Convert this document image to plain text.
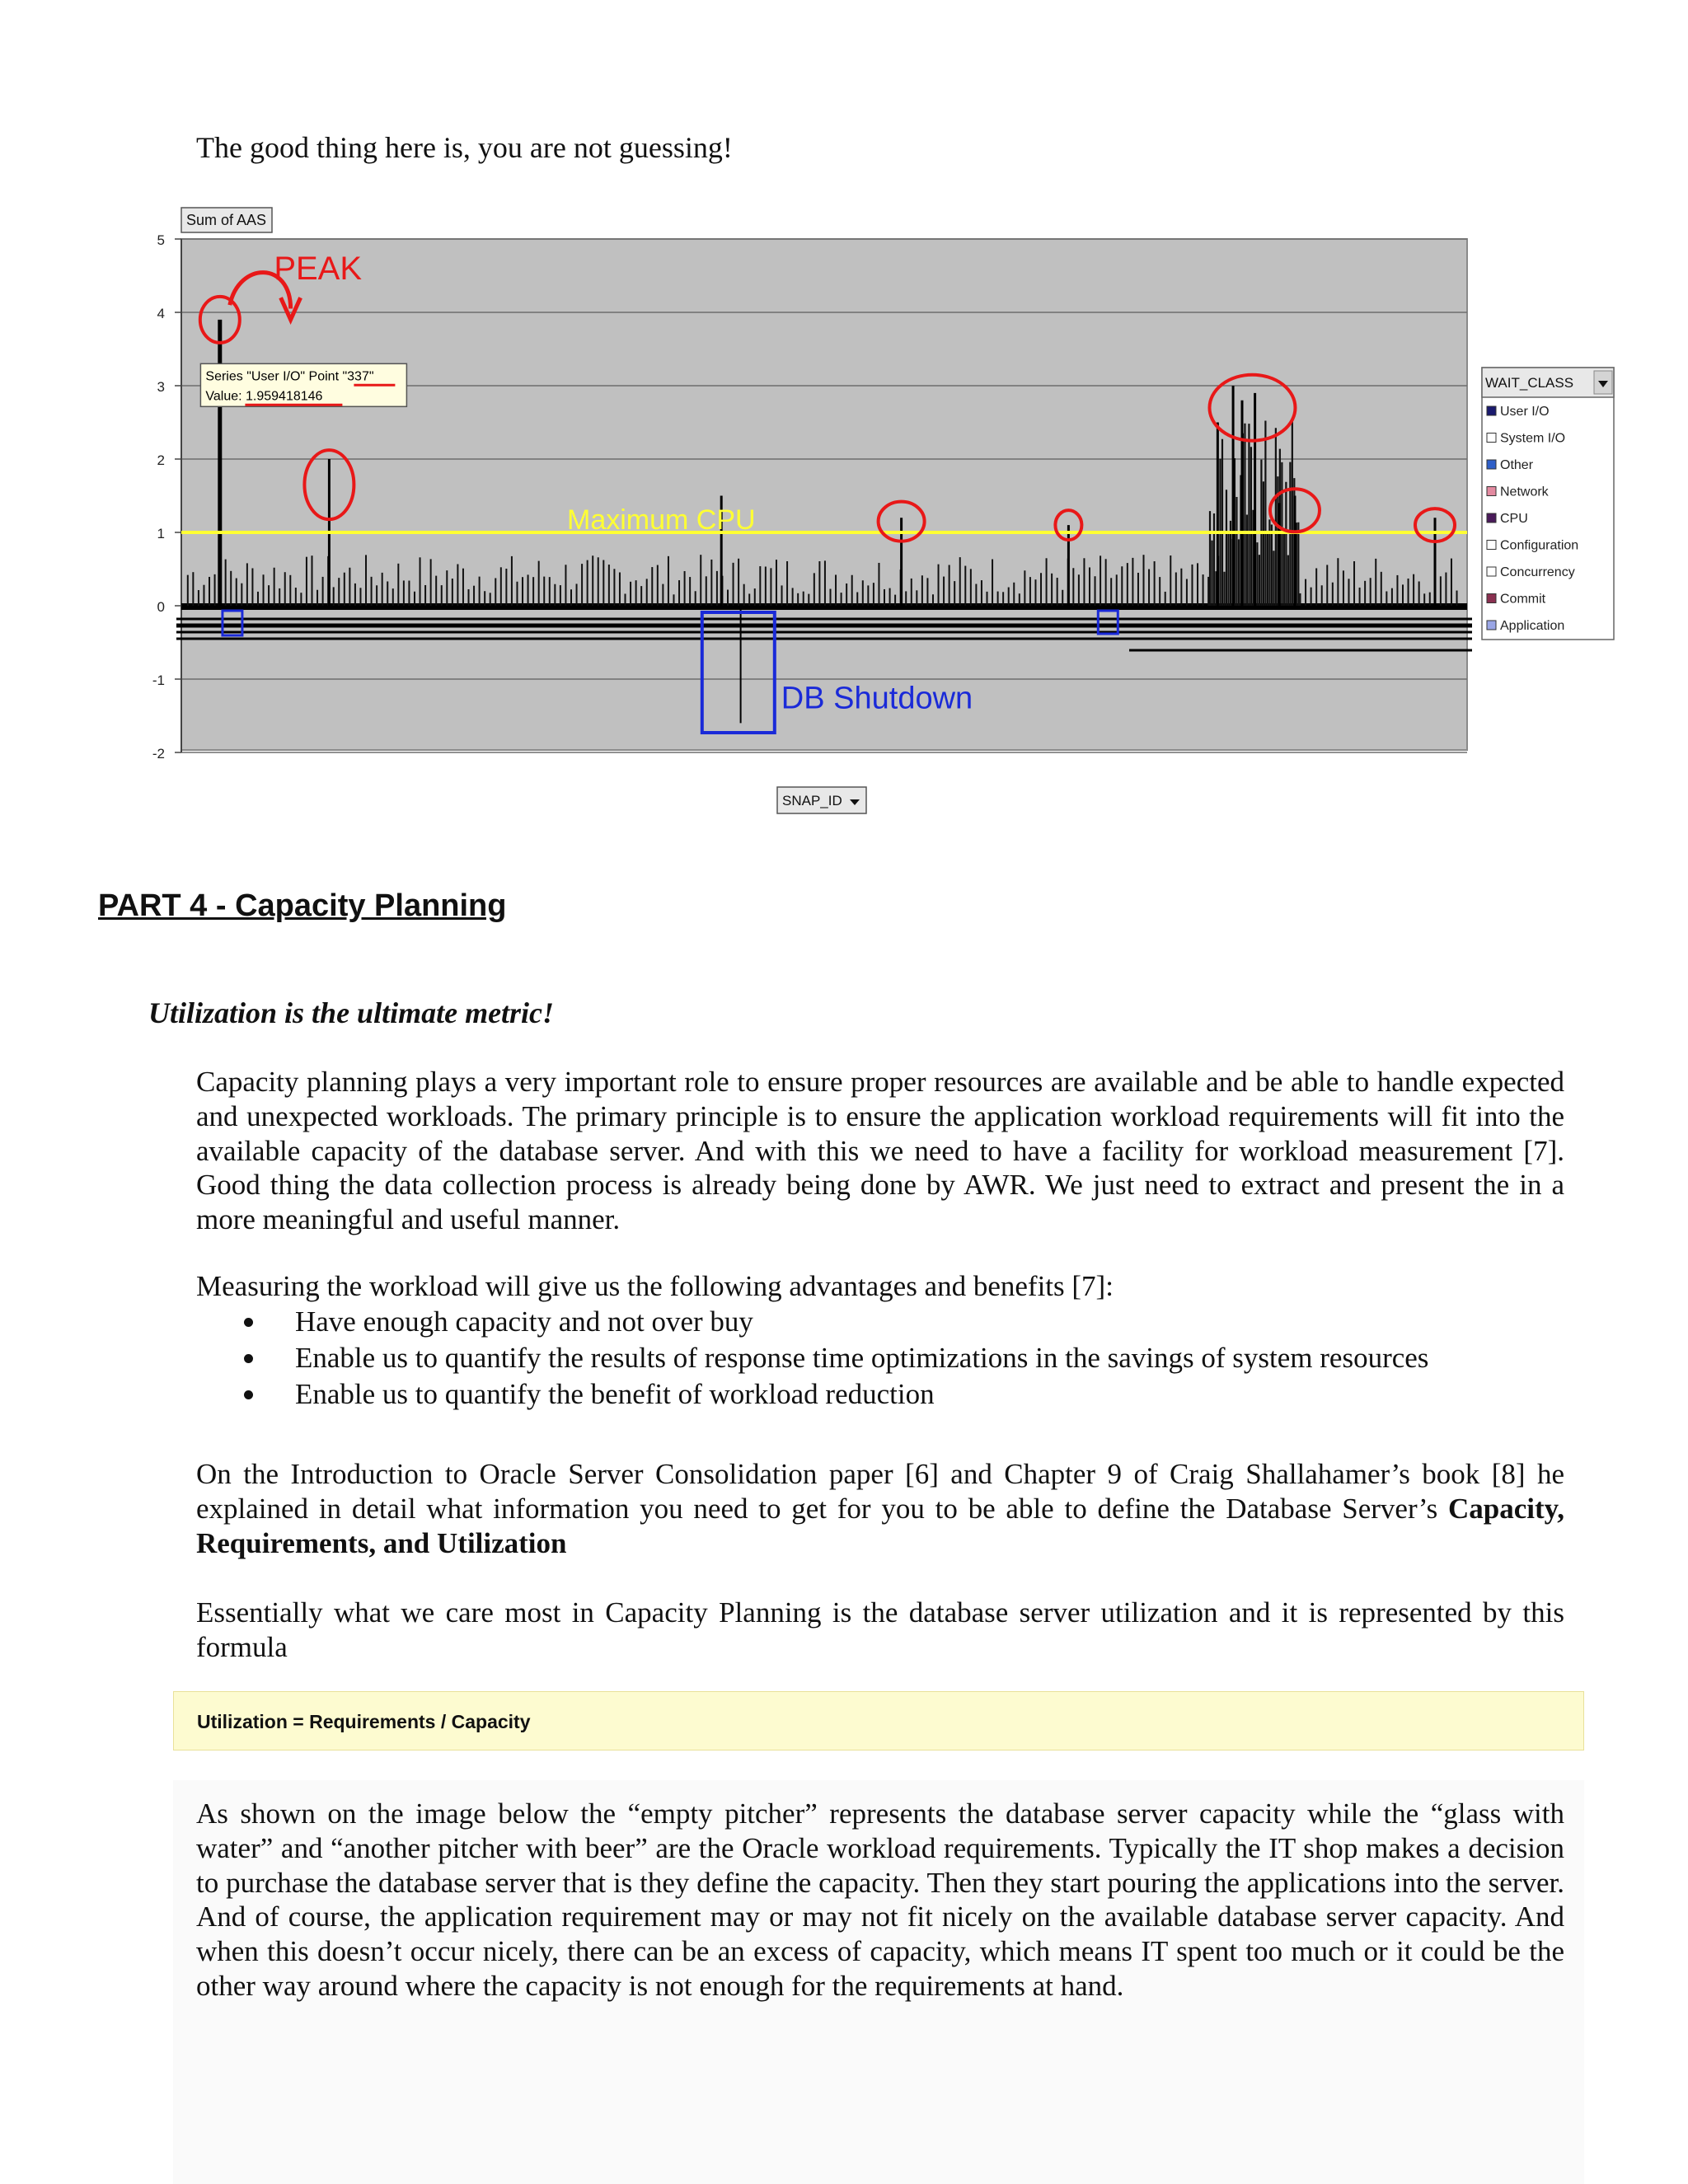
The good thing here is, you are not guessing!
5
4
3
2
1
0
-1
-2
Maximum CPU
PEAK
Series "User I/O" Point "337"
Value: 1.959418146
DB Shutdown
Sum of AAS
SNAP_ID
WAIT_CLASS
User I/O
System I/O
Other
Network
CPU
Configuration
Concurrency
Commit
Application
PART 4 - Capacity Planning
Utilization is the ultimate metric!
Capacity planning plays a very important role to ensure proper resources are available and be able to handle expected and unexpected workloads. The primary principle is to ensure the application workload requirements will fit into the available capacity of the database server. And with this we need to have a facility for workload measurement [7]. Good thing the data collection process is already being done by AWR. We just need to extract and present the in a more meaningful and useful manner.
Measuring the workload will give us the following advantages and benefits [7]:
Have enough capacity and not over buy
Enable us to quantify the results of response time optimizations in the savings of system resources
Enable us to quantify the benefit of workload reduction
On the Introduction to Oracle Server Consolidation paper [6] and Chapter 9 of Craig Shallahamer’s book [8] he explained in detail what information you need to get for you to be able to define the Database Server’s Capacity, Requirements, and Utilization
Essentially what we care most in Capacity Planning is the database server utilization and it is represented by this formula
Utilization = Requirements / Capacity
As shown on the image below the “empty pitcher” represents the database server capacity while the “glass with water” and “another pitcher with beer” are the Oracle workload requirements. Typically the IT shop makes a decision to purchase the database server that is they define the capacity. Then they start pouring the applications into the server. And of course, the application requirement may or may not fit nicely on the available database server capacity. And when this doesn’t occur nicely, there can be an excess of capacity, which means IT spent too much or it could be the other way around where the capacity is not enough for the requirements at hand.
